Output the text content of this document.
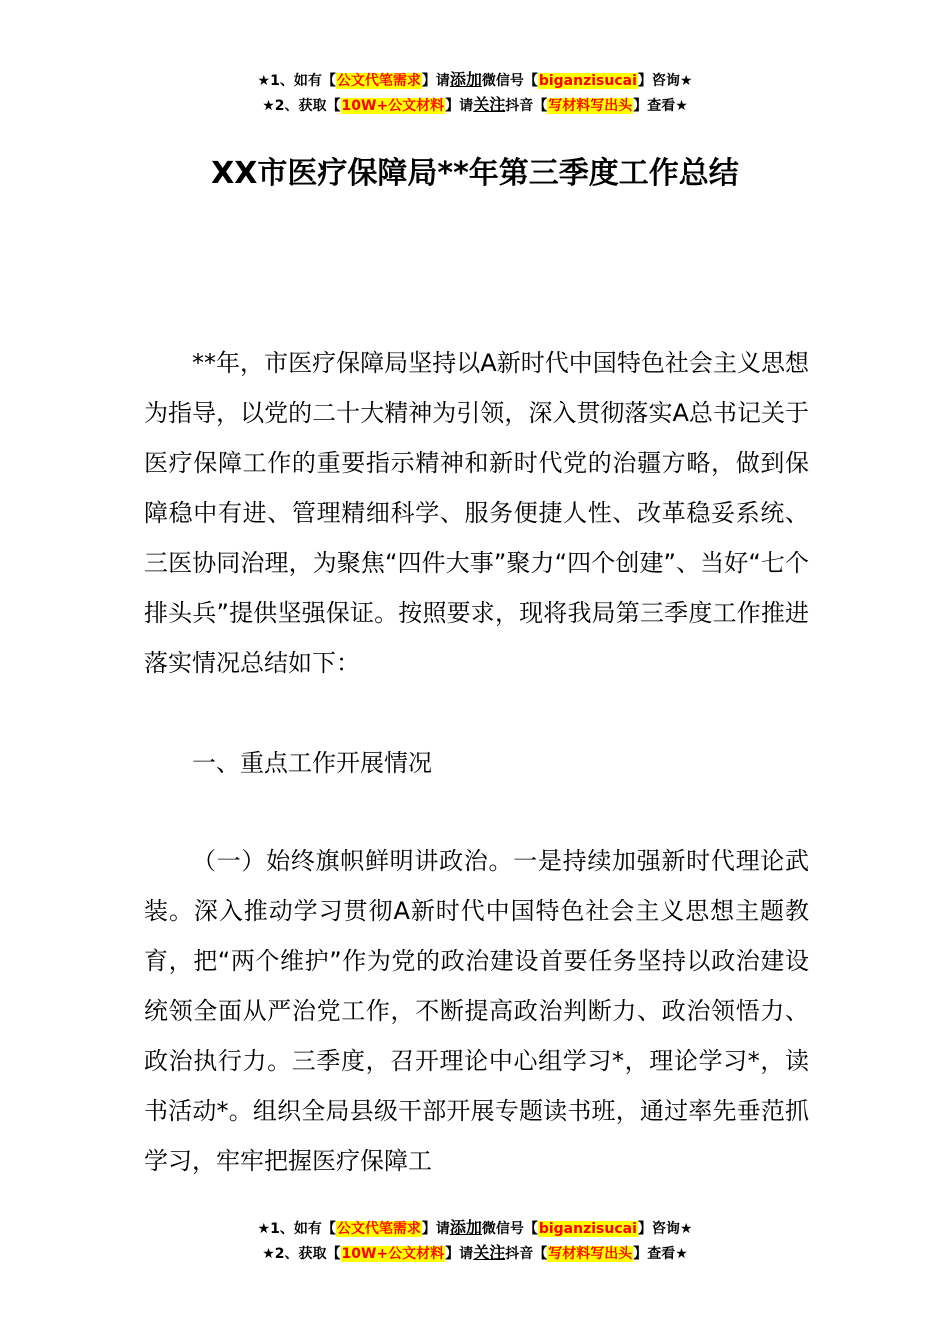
★1、如有【公文代笔需求】请添加微信号【biganzisucai】咨询★
★2、获取【10W+公文材料】请关注抖音【写材料写出头】查看★
XX市医疗保障局**年第三季度工作总结

**年，市医疗保障局坚持以A新时代中国特色社会主义思想为指导，以党的二十大精神为引领，深入贯彻落实A总书记关于医疗保障工作的重要指示精神和新时代党的治疆方略，做到保障稳中有进、管理精细科学、服务便捷人性、改革稳妥系统、三医协同治理，为聚焦“四件大事”聚力“四个创建”、当好“七个排头兵”提供坚强保证。按照要求，现将我局第三季度工作推进落实情况总结如下：

一、重点工作开展情况

（一）始终旗帜鲜明讲政治。一是持续加强新时代理论武装。深入推动学习贯彻A新时代中国特色社会主义思想主题教育，把“两个维护”作为党的政治建设首要任务坚持以政治建设统领全面从严治党工作，不断提高政治判断力、政治领悟力、政治执行力。三季度，召开理论中心组学习*，理论学习*，读书活动*。组织全局县级干部开展专题读书班，通过率先垂范抓学习，牢牢把握医疗保障工

★1、如有【公文代笔需求】请添加微信号【biganzisucai】咨询★
★2、获取【10W+公文材料】请关注抖音【写材料写出头】查看★
